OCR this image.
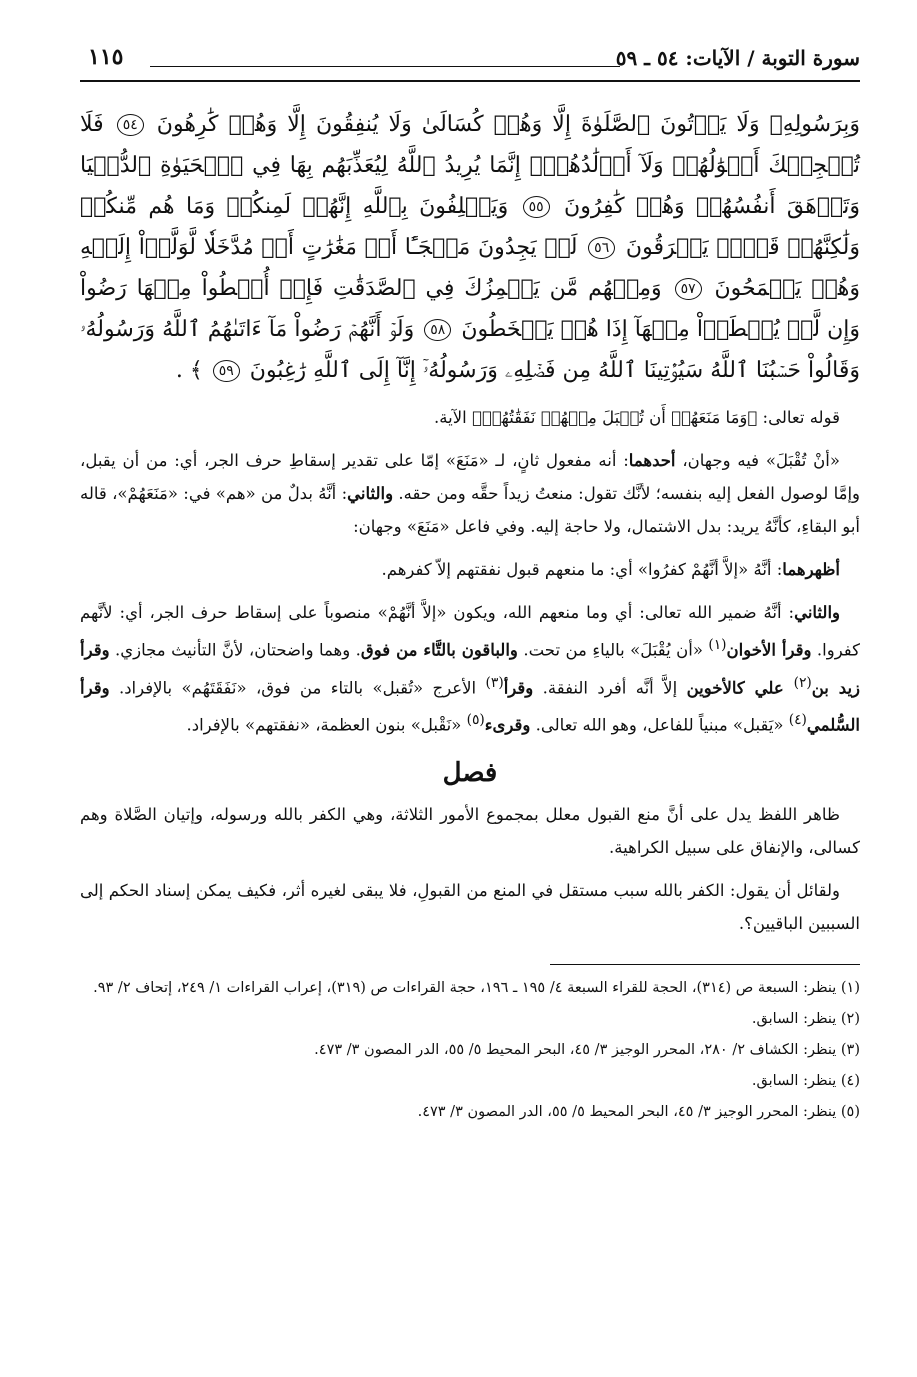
سورة التوبة / الآيات: ٥٤ ـ ٥٩
١١٥
وَبِرَسُولِهِۦ وَلَا يَأۡتُونَ ٱلصَّلَوٰةَ إِلَّا وَهُمۡ كُسَالَىٰ وَلَا يُنفِقُونَ إِلَّا وَهُمۡ كَٰرِهُونَ ٥٤ فَلَا تُعۡجِبۡكَ أَمۡوَٰلُهُمۡ وَلَآ أَوۡلَٰدُهُمۡۚ إِنَّمَا يُرِيدُ ٱللَّهُ لِيُعَذِّبَهُم بِهَا فِي ٱلۡحَيَوٰةِ ٱلدُّنۡيَا وَتَزۡهَقَ أَنفُسُهُمۡ وَهُمۡ كَٰفِرُونَ ٥٥ وَيَحۡلِفُونَ بِٱللَّهِ إِنَّهُمۡ لَمِنكُمۡ وَمَا هُم مِّنكُمۡ وَلَٰكِنَّهُمۡ قَوۡمٞ يَفۡرَقُونَ ٥٦ لَوۡ يَجِدُونَ مَلۡجَـًٔا أَوۡ مَغَٰرَٰتٍ أَوۡ مُدَّخَلٗا لَّوَلَّوۡاْ إِلَيۡهِ وَهُمۡ يَجۡمَحُونَ ٥٧ وَمِنۡهُم مَّن يَلۡمِزُكَ فِي ٱلصَّدَقَٰتِ فَإِنۡ أُعۡطُواْ مِنۡهَا رَضُواْ وَإِن لَّمۡ يُعۡطَوۡاْ مِنۡهَآ إِذَا هُمۡ يَسۡخَطُونَ ٥٨ وَلَوۡ أَنَّهُمۡ رَضُواْ مَآ ءَاتَىٰهُمُ ٱللَّهُ وَرَسُولُهُۥ وَقَالُواْ حَسۡبُنَا ٱللَّهُ سَيُؤۡتِينَا ٱللَّهُ مِن فَضۡلِهِۦ وَرَسُولُهُۥٓ إِنَّآ إِلَى ٱللَّهِ رَٰغِبُونَ ٥٩ ﴾ .

قوله تعالى: ﴿وَمَا مَنَعَهُمۡ أَن تُقۡبَلَ مِنۡهُمۡ نَفَقَٰتُهُمۡ﴾ الآية.

«أنْ تُقْبَلَ» فيه وجهان، أحدهما: أنه مفعول ثانٍ، لـ «مَنَعَ» إمّا على تقدير إسقاطِ حرف الجر، أي: من أن يقبل، وإمَّا لوصول الفعل إليه بنفسه؛ لأنَّك تقول: منعتُ زيداً حقَّه ومن حقه. والثاني: أنَّهُ بدلٌ من «هم» في: «مَنَعَهُمْ»، قاله أبو البقاءِ، كأنَّهُ يريد: بدل الاشتمال، ولا حاجة إليه. وفي فاعل «مَنَعَ» وجهان:

أظهرهما: أنَّهُ «إلاَّ أنَّهُمْ كفرُوا» أي: ما منعهم قبول نفقتهم إلاّ كفرهم.

والثاني: أنَّهُ ضمير الله تعالى: أي وما منعهم الله، ويكون «إلاَّ أنَّهُمْ» منصوباً على إسقاط حرف الجر، أي: لأنَّهم كفروا. وقرأ الأخوان$^{(١)}$ «أن يُقْبَلَ» بالياءِ من تحت. والباقون بالتَّاء من فوق. وهما واضحتان، لأنَّ التأنيث مجازي. وقرأ زيد بن$^{(٢)}$ علي كالأخوين إلاَّ أنَّه أفرد النفقة. وقرأ$^{(٣)}$ الأعرج «تُقبل» بالتاء من فوق، «نَفَقَتَهُم» بالإفراد. وقرأ السُّلمي$^{(٤)}$ «يَقبل» مبنياً للفاعل، وهو الله تعالى. وقرىء$^{(٥)}$ «نَقْبل» بنون العظمة، «نفقتهم» بالإفراد.

فصل

ظاهر اللفظ يدل على أنَّ منع القبول معلل بمجموع الأمور الثلاثة، وهي الكفر بالله ورسوله، وإتيان الصَّلاة وهم كسالى، والإنفاق على سبيل الكراهية.

ولقائل أن يقول: الكفر بالله سبب مستقل في المنع من القبولِ، فلا يبقى لغيره أثر، فكيف يمكن إسناد الحكم إلى السببين الباقيين؟.

(١) ينظر: السبعة ص (٣١٤)، الحجة للقراء السبعة ٤/ ١٩٥ ـ ١٩٦، حجة القراءات ص (٣١٩)، إعراب القراءات ١/ ٢٤٩، إتحاف ٢/ ٩٣.

(٢) ينظر: السابق.

(٣) ينظر: الكشاف ٢/ ٢٨٠، المحرر الوجيز ٣/ ٤٥، البحر المحيط ٥/ ٥٥، الدر المصون ٣/ ٤٧٣.

(٤) ينظر: السابق.

(٥) ينظر: المحرر الوجيز ٣/ ٤٥، البحر المحيط ٥/ ٥٥، الدر المصون ٣/ ٤٧٣.
